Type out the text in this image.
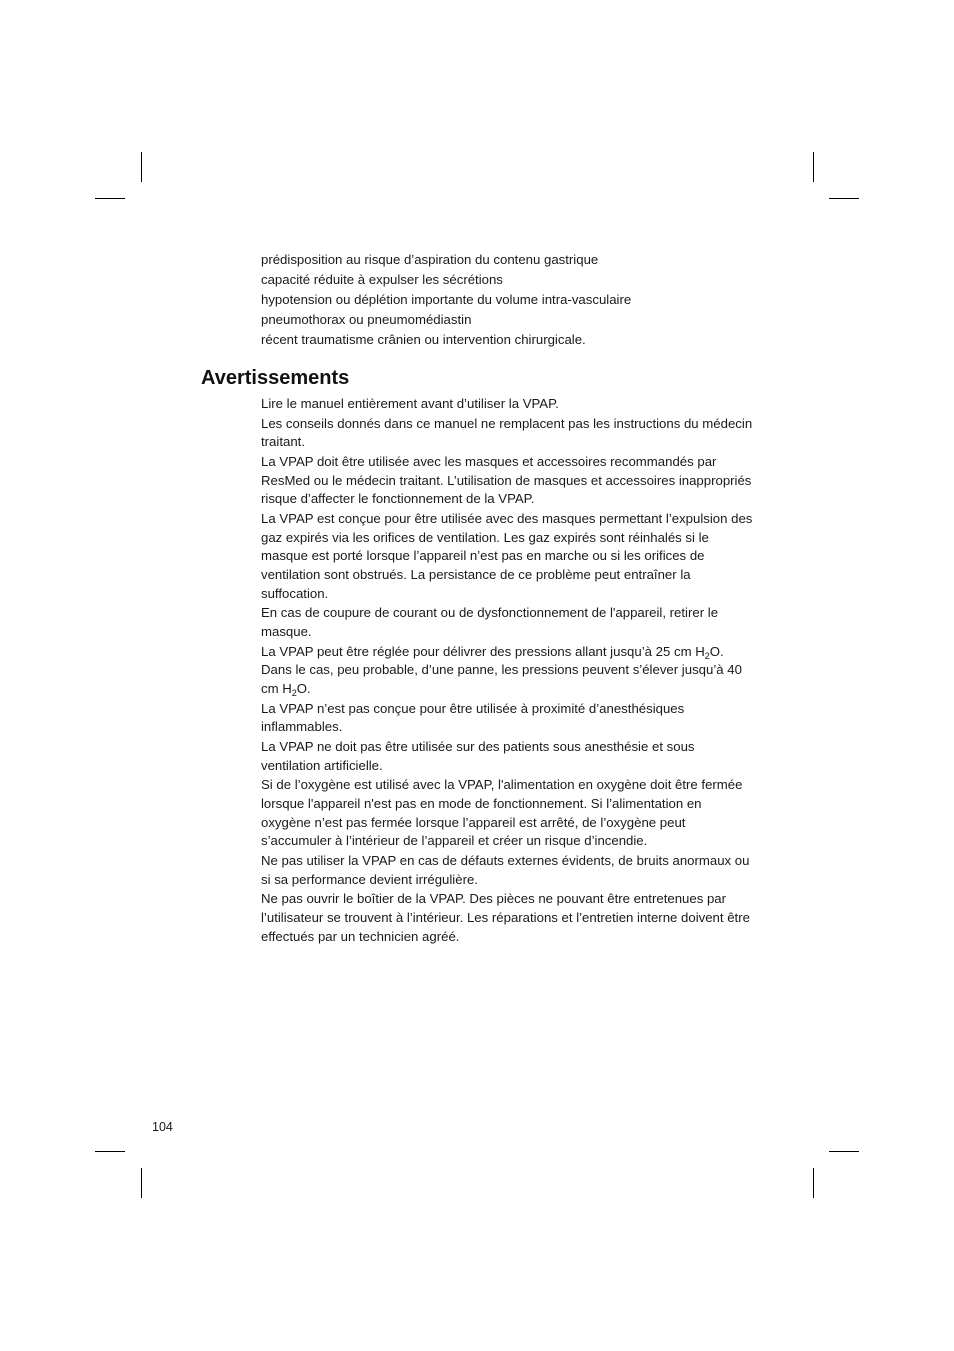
prédisposition au risque d’aspiration du contenu gastrique
capacité réduite à expulser les sécrétions
hypotension ou déplétion importante du volume intra-vasculaire
pneumothorax ou pneumomédiastin
récent traumatisme crânien ou intervention chirurgicale.
Avertissements
Lire le manuel entièrement avant d’utiliser la VPAP.
Les conseils donnés dans ce manuel ne remplacent pas les instructions du médecin traitant.
La VPAP doit être utilisée avec les masques et accessoires recommandés par ResMed ou le médecin traitant. L’utilisation de masques et accessoires inappropriés risque d’affecter le fonctionnement de la VPAP.
La VPAP est conçue pour être utilisée avec des masques permettant l’expulsion des gaz expirés via les orifices de ventilation. Les gaz expirés sont réinhalés si le masque est porté lorsque l’appareil n’est pas en marche ou si les orifices de ventilation sont obstrués. La persistance de ce problème peut entraîner la suffocation.
En cas de coupure de courant ou de dysfonctionnement de l'appareil, retirer le masque.
La VPAP peut être réglée pour délivrer des pressions allant jusqu’à 25 cm $H_2O$. Dans le cas, peu probable, d’une panne, les pressions peuvent s’élever jusqu’à 40 cm $H_2O$.
La VPAP n’est pas conçue pour être utilisée à proximité d’anesthésiques inflammables.
La VPAP ne doit pas être utilisée sur des patients sous anesthésie et sous ventilation artificielle.
Si de l’oxygène est utilisé avec la VPAP, l'alimentation en oxygène doit être fermée lorsque l'appareil n'est pas en mode de fonctionnement. Si l’alimentation en oxygène n’est pas fermée lorsque l’appareil est arrêté, de l’oxygène peut s’accumuler à l’intérieur de l’appareil et créer un risque d’incendie.
Ne pas utiliser la VPAP en cas de défauts externes évidents, de bruits anormaux ou si sa performance devient irrégulière.
Ne pas ouvrir le boîtier de la VPAP. Des pièces ne pouvant être entretenues par l’utilisateur se trouvent à l’intérieur. Les réparations et l’entretien interne doivent être effectués par un technicien agréé.
104
